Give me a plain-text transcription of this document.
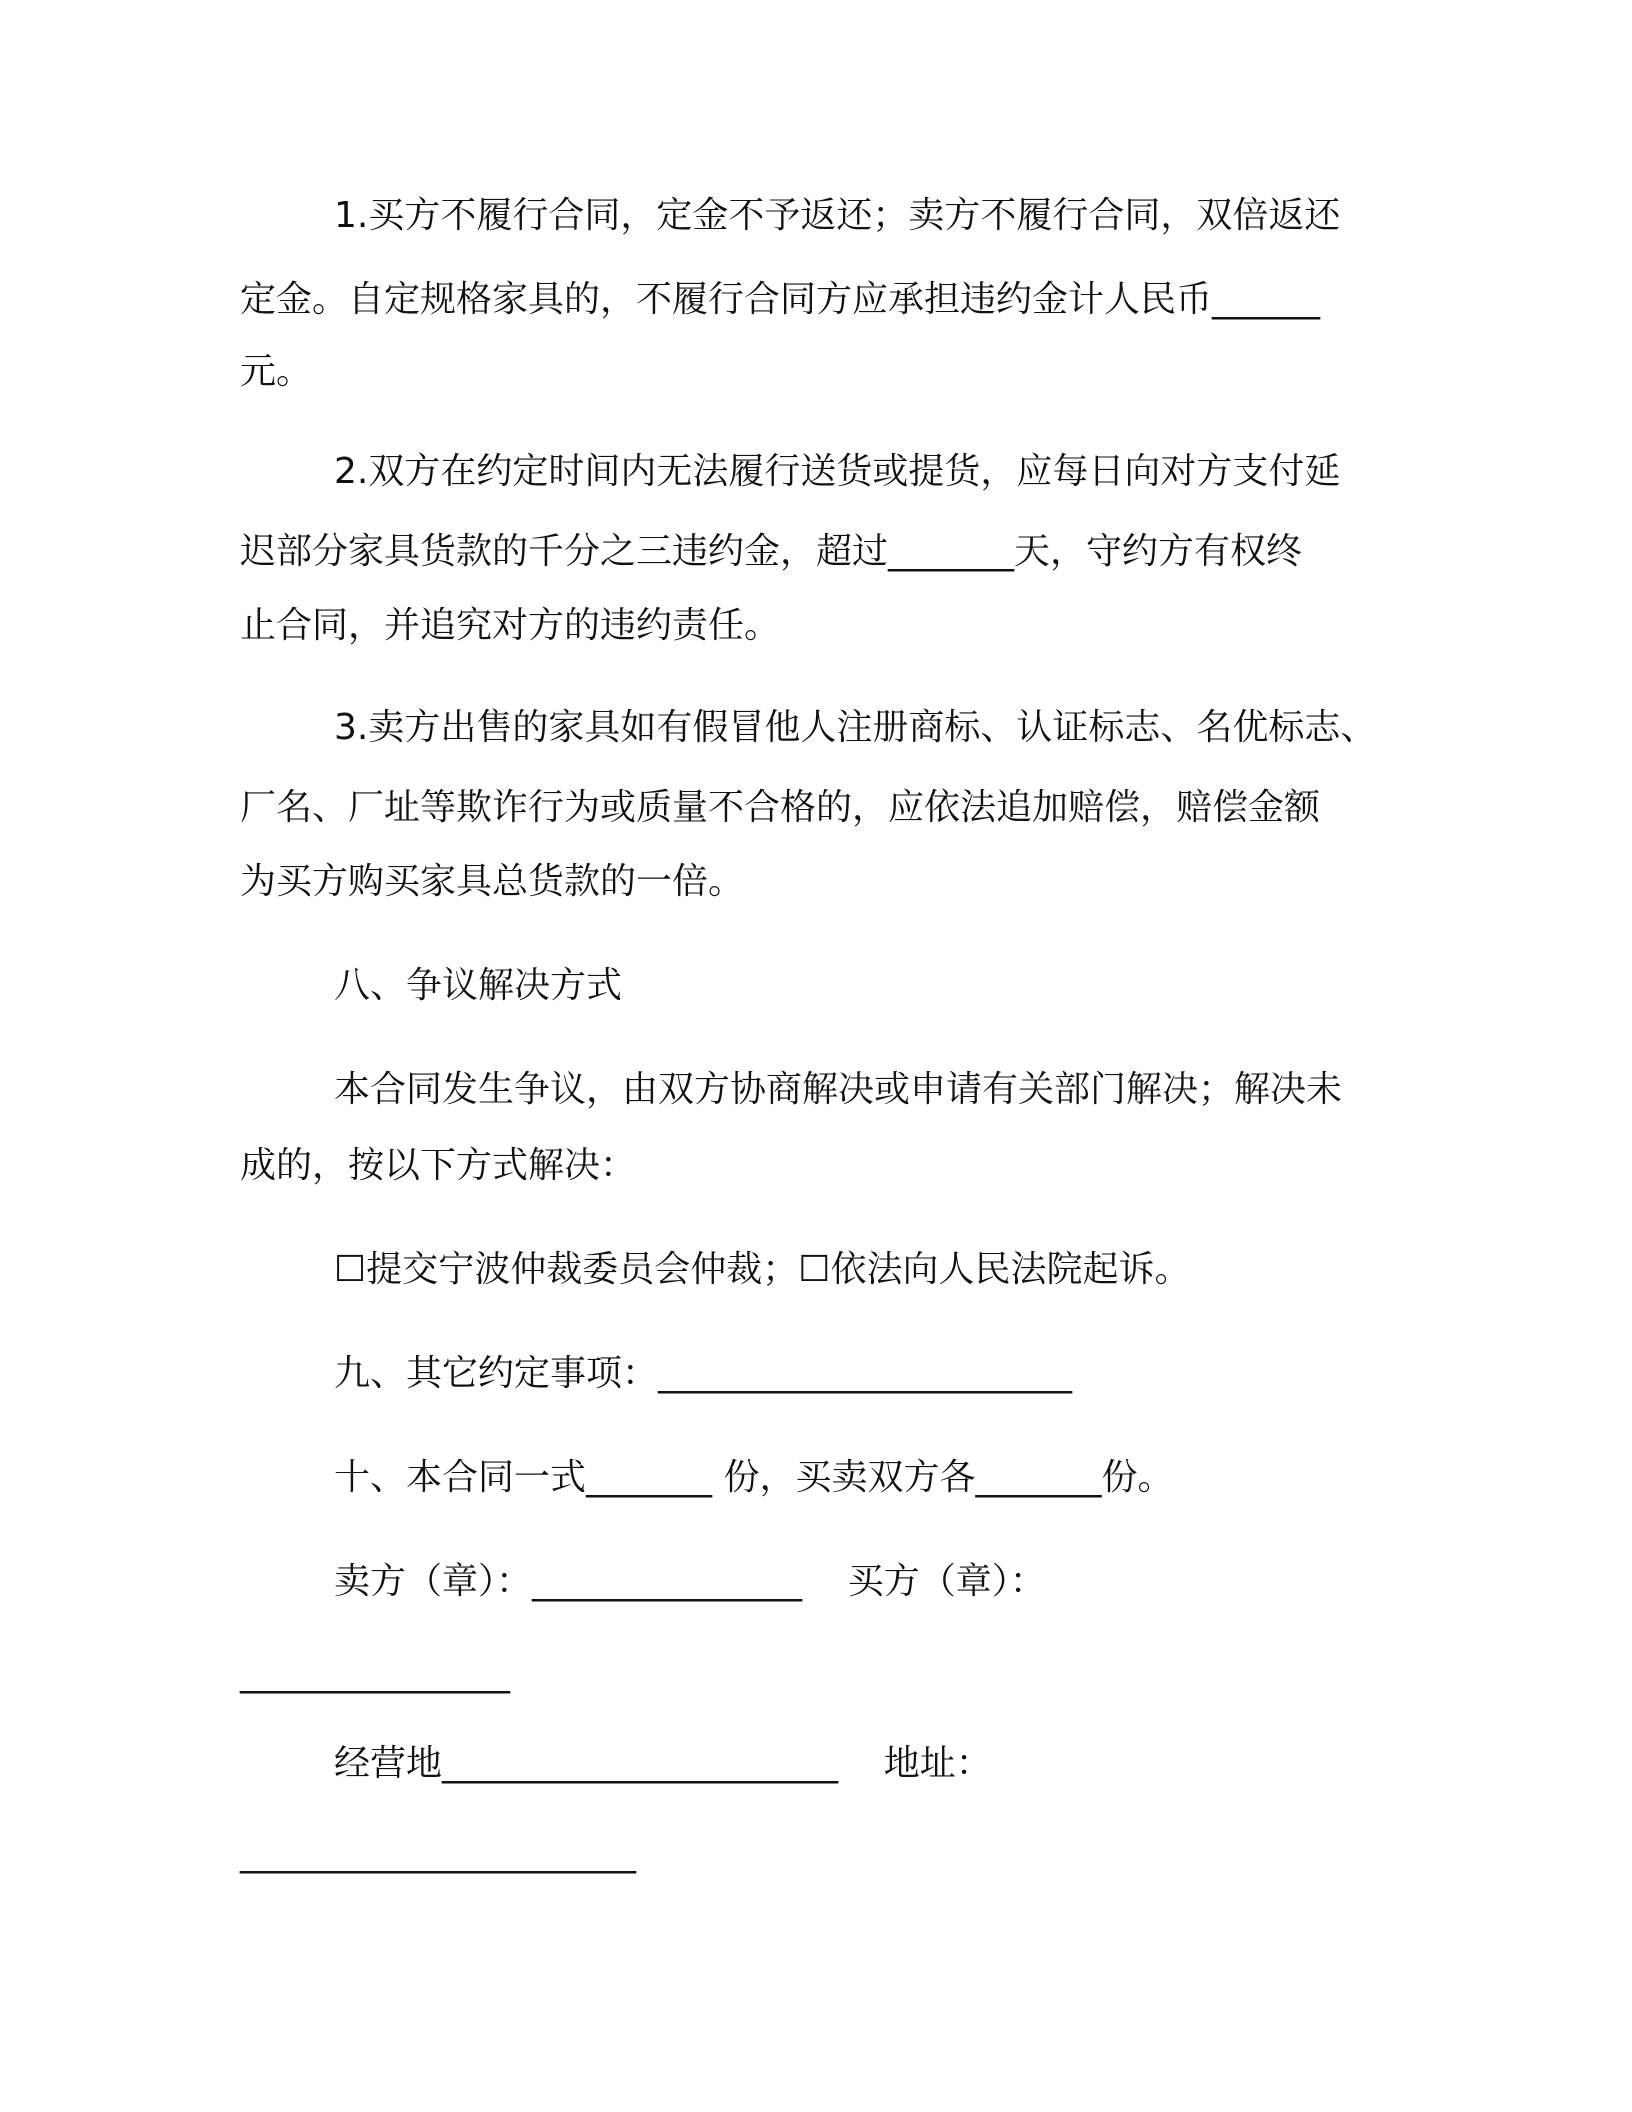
1.买方不履行合同，定金不予返还；卖方不履行合同，双倍返还
定金。自定规格家具的，不履行合同方应承担违约金计人民币______
元。
2.双方在约定时间内无法履行送货或提货，应每日向对方支付延
迟部分家具货款的千分之三违约金，超过_______天，守约方有权终
止合同，并追究对方的违约责任。
3.卖方出售的家具如有假冒他人注册商标、认证标志、名优标志、
厂名、厂址等欺诈行为或质量不合格的，应依法追加赔偿，赔偿金额
为买方购买家具总货款的一倍。
八、争议解决方式
本合同发生争议，由双方协商解决或申请有关部门解决；解决未
成的，按以下方式解决：
☐提交宁波仲裁委员会仲裁；☐依法向人民法院起诉。
九、其它约定事项：_______________________
十、本合同一式_______ 份，买卖双方各_______份。
卖方（章）：_______________    买方（章）：
_______________
经营地______________________    地址：
______________________
